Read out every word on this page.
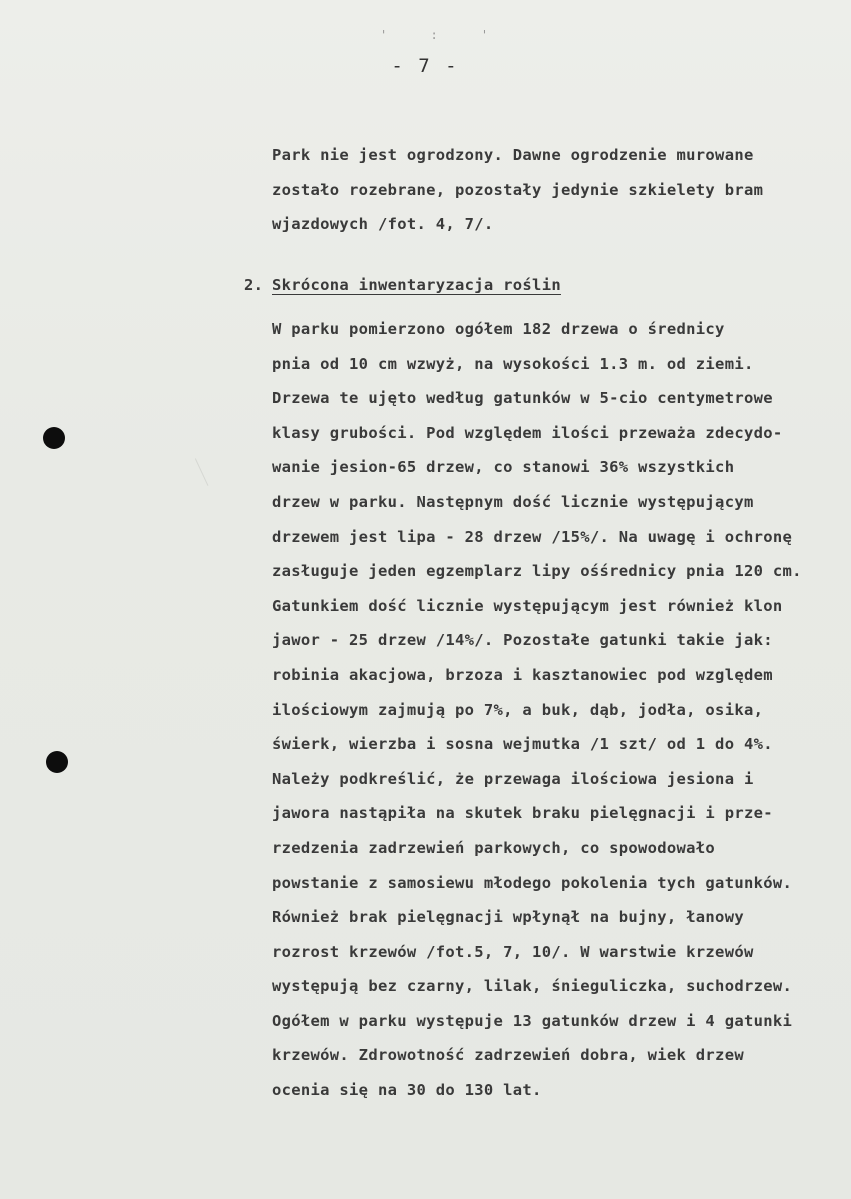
' : '
- 7 -
Park nie jest ogrodzony. Dawne ogrodzenie murowane
zostało rozebrane, pozostały jedynie szkielety bram
wjazdowych /fot. 4, 7/.
2. Skrócona inwentaryzacja roślin
W parku pomierzono ogółem 182 drzewa o średnicy
pnia od 10 cm wzwyż, na wysokości 1.3 m. od ziemi.
Drzewa te ujęto według gatunków w 5-cio centymetrowe
klasy grubości. Pod względem ilości przeważa zdecydo-
wanie jesion-65 drzew, co stanowi 36% wszystkich
drzew w parku. Następnym dość licznie występującym
drzewem jest lipa - 28 drzew /15%/. Na uwagę i ochronę
zasługuje jeden egzemplarz lipy ośśrednicy pnia 120 cm.
Gatunkiem dość licznie występującym jest również klon
jawor - 25 drzew /14%/. Pozostałe gatunki takie jak:
robinia akacjowa, brzoza i kasztanowiec pod względem
ilościowym zajmują po 7%, a buk, dąb, jodła, osika,
świerk, wierzba i sosna wejmutka /1 szt/ od 1 do 4%.
Należy podkreślić, że przewaga ilościowa jesiona i
jawora nastąpiła na skutek braku pielęgnacji i prze-
rzedzenia zadrzewień parkowych, co spowodowało
powstanie z samosiewu młodego pokolenia tych gatunków.
Również brak pielęgnacji wpłynął na bujny, łanowy
rozrost krzewów /fot.5, 7, 10/. W warstwie krzewów
występują bez czarny, lilak, śnieguliczka, suchodrzew.
Ogółem w parku występuje 13 gatunków drzew i 4 gatunki
krzewów. Zdrowotność zadrzewień dobra, wiek drzew
ocenia się na 30 do 130 lat.
